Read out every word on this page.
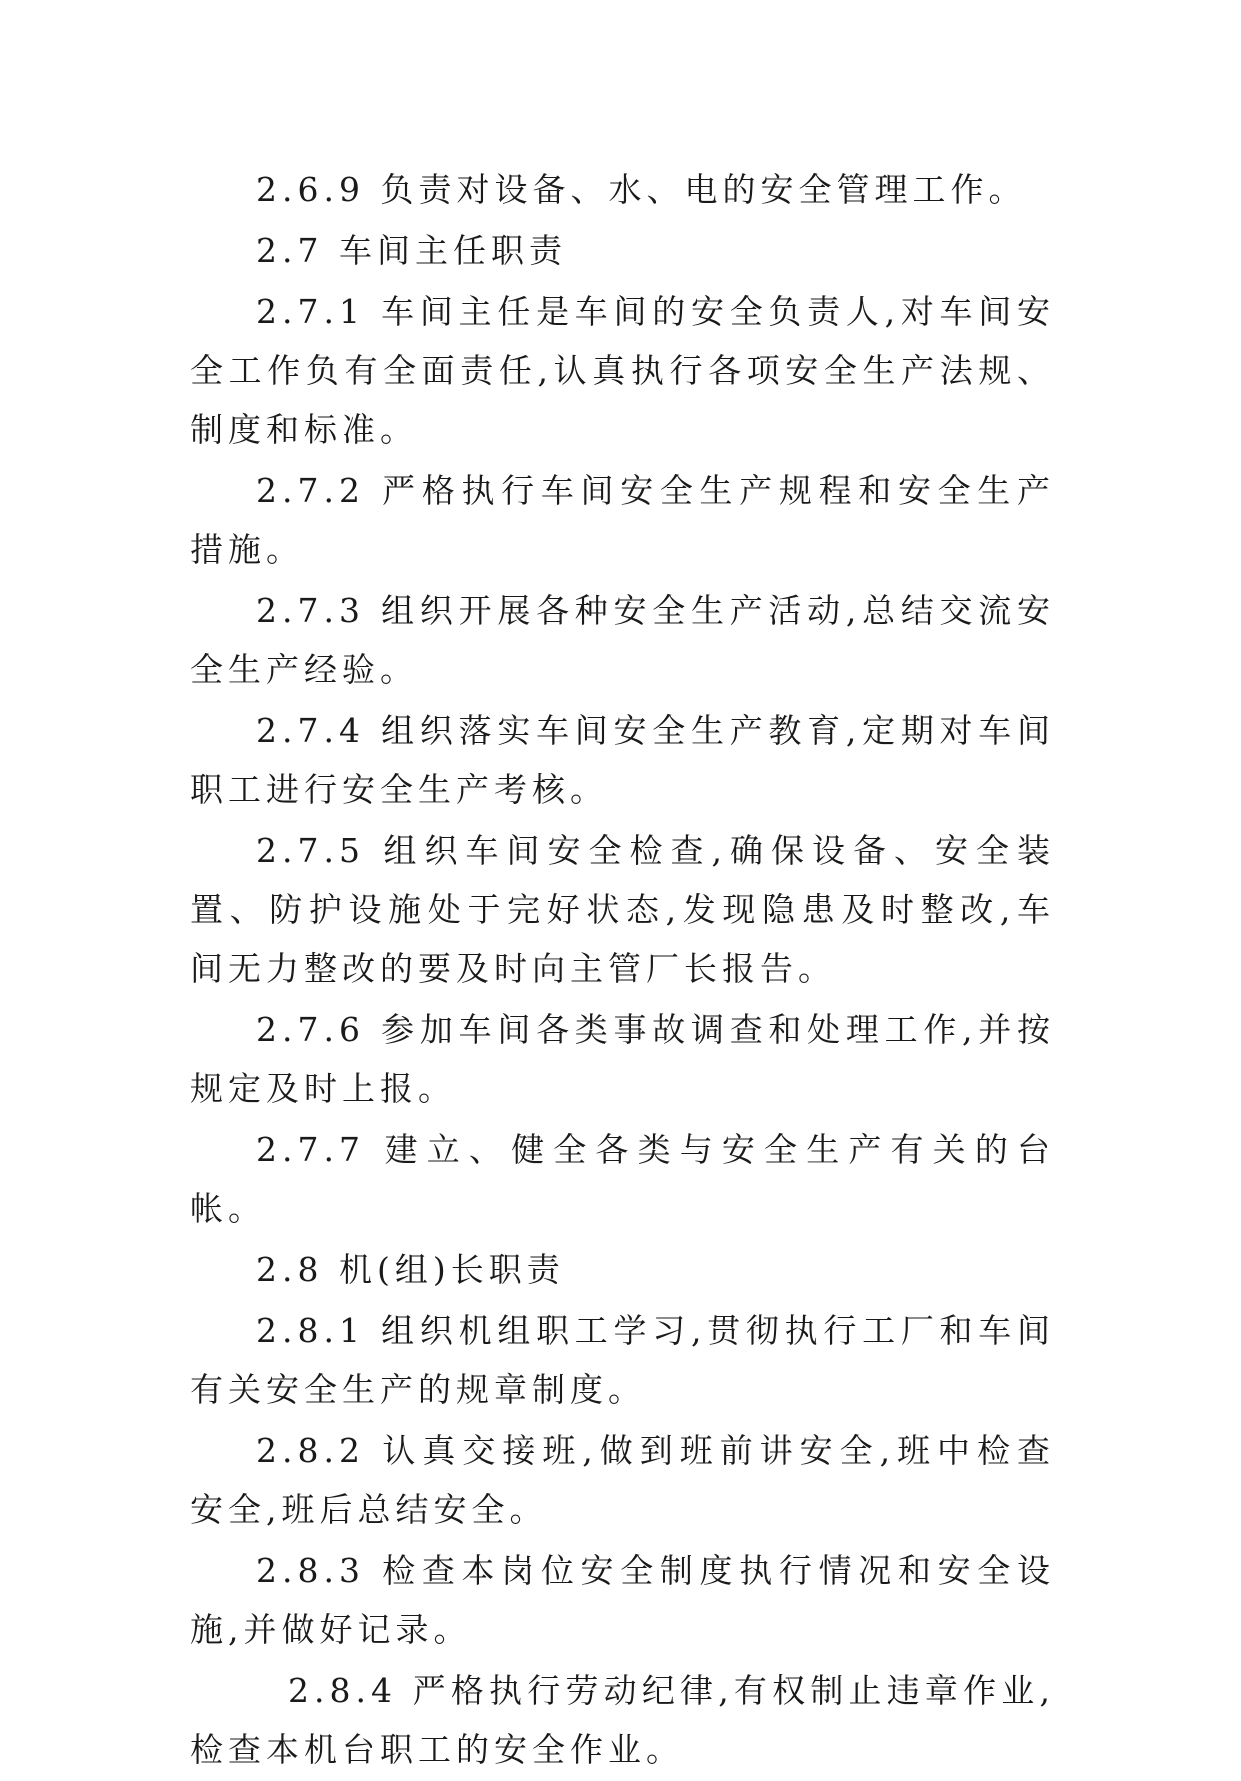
2.6.9 负责对设备、水、电的安全管理工作。

2.7 车间主任职责

2.7.1 车间主任是车间的安全负责人,对车间安全工作负有全面责任,认真执行各项安全生产法规、制度和标准。

2.7.2 严格执行车间安全生产规程和安全生产措施。

2.7.3 组织开展各种安全生产活动,总结交流安全生产经验。

2.7.4 组织落实车间安全生产教育,定期对车间职工进行安全生产考核。

2.7.5 组织车间安全检查,确保设备、安全装置、防护设施处于完好状态,发现隐患及时整改,车间无力整改的要及时向主管厂长报告。

2.7.6 参加车间各类事故调查和处理工作,并按规定及时上报。

2.7.7 建立、健全各类与安全生产有关的台帐。

2.8 机(组)长职责

2.8.1 组织机组职工学习,贯彻执行工厂和车间有关安全生产的规章制度。

2.8.2 认真交接班,做到班前讲安全,班中检查安全,班后总结安全。

2.8.3 检查本岗位安全制度执行情况和安全设施,并做好记录。

2.8.4 严格执行劳动纪律,有权制止违章作业,检查本机台职工的安全作业。
